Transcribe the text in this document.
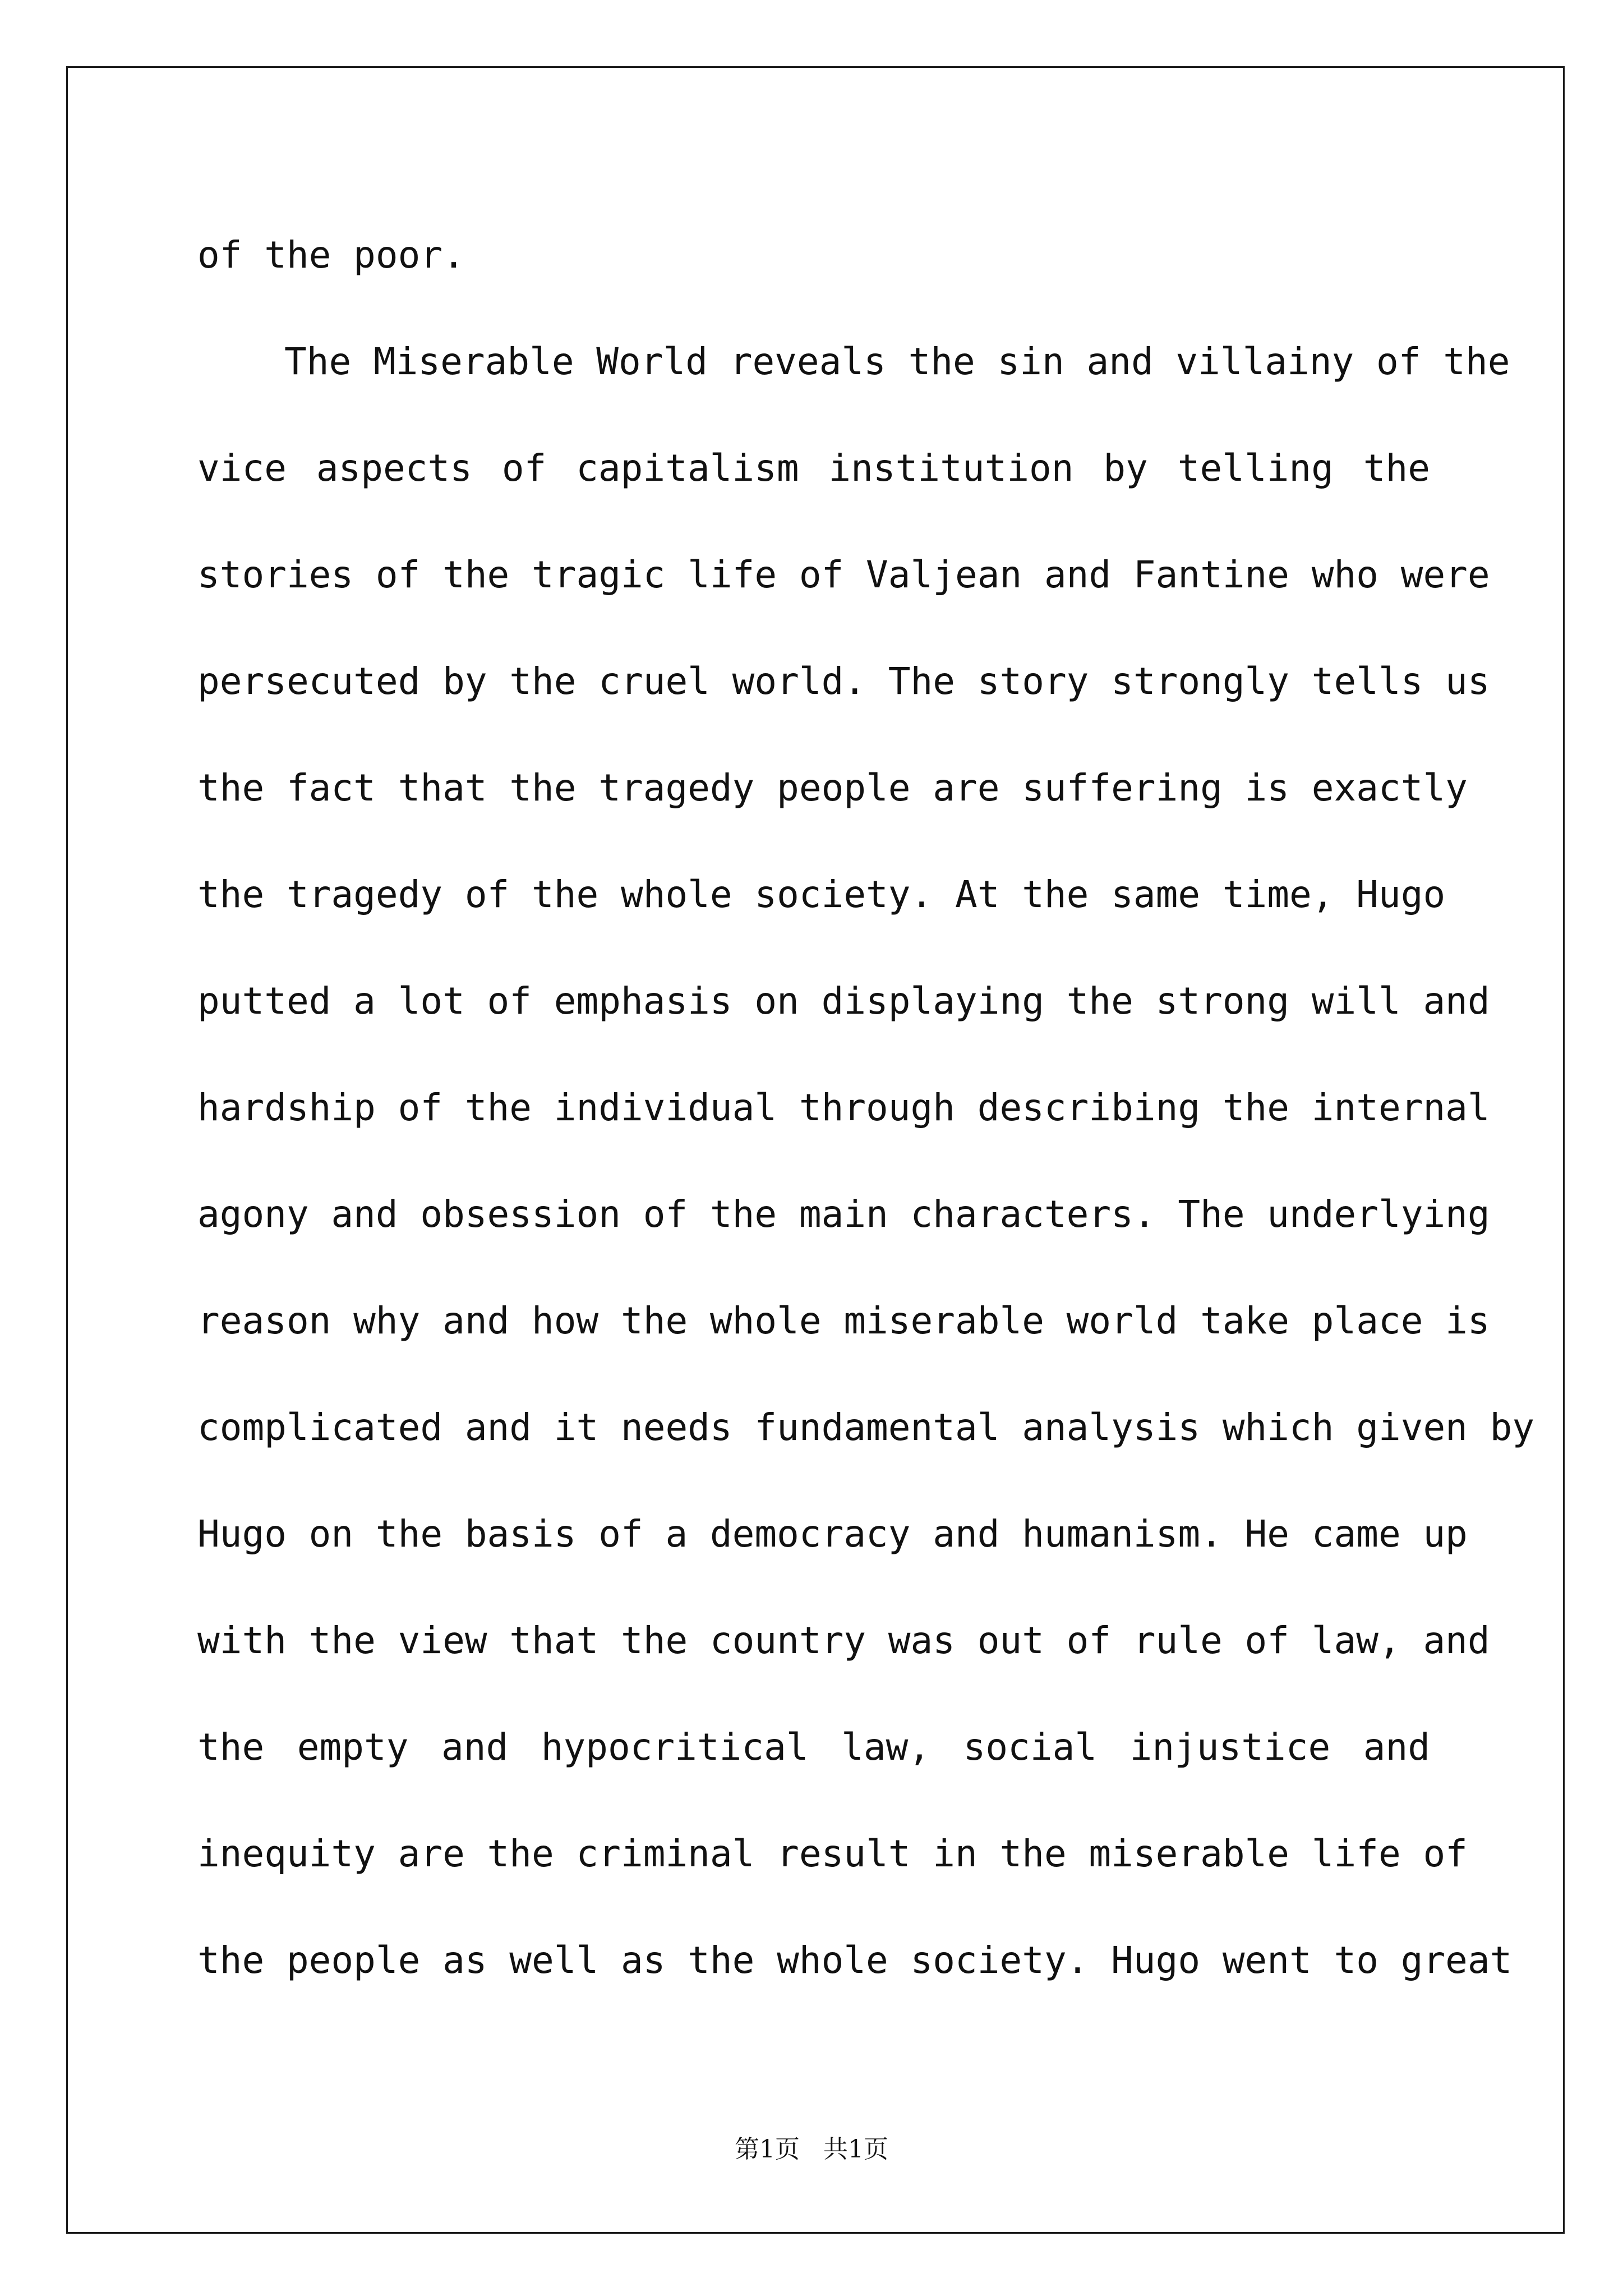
of the poor.
The Miserable World reveals the sin and villainy of the
vice aspects of capitalism institution by telling the
stories of the tragic life of Valjean and Fantine who were
persecuted by the cruel world. The story strongly tells us
the fact that the tragedy people are suffering is exactly
the tragedy of the whole society. At the same time, Hugo
putted a lot of emphasis on displaying the strong will and
hardship of the individual through describing the internal
agony and obsession of the main characters. The underlying
reason why and how the whole miserable world take place is
complicated and it needs fundamental analysis which given by
Hugo on the basis of a democracy and humanism. He came up
with the view that the country was out of rule of law, and
the empty and hypocritical law, social injustice and
inequity are the criminal result in the miserable life of
the people as well as the whole society. Hugo went to great
第1页 共1页
